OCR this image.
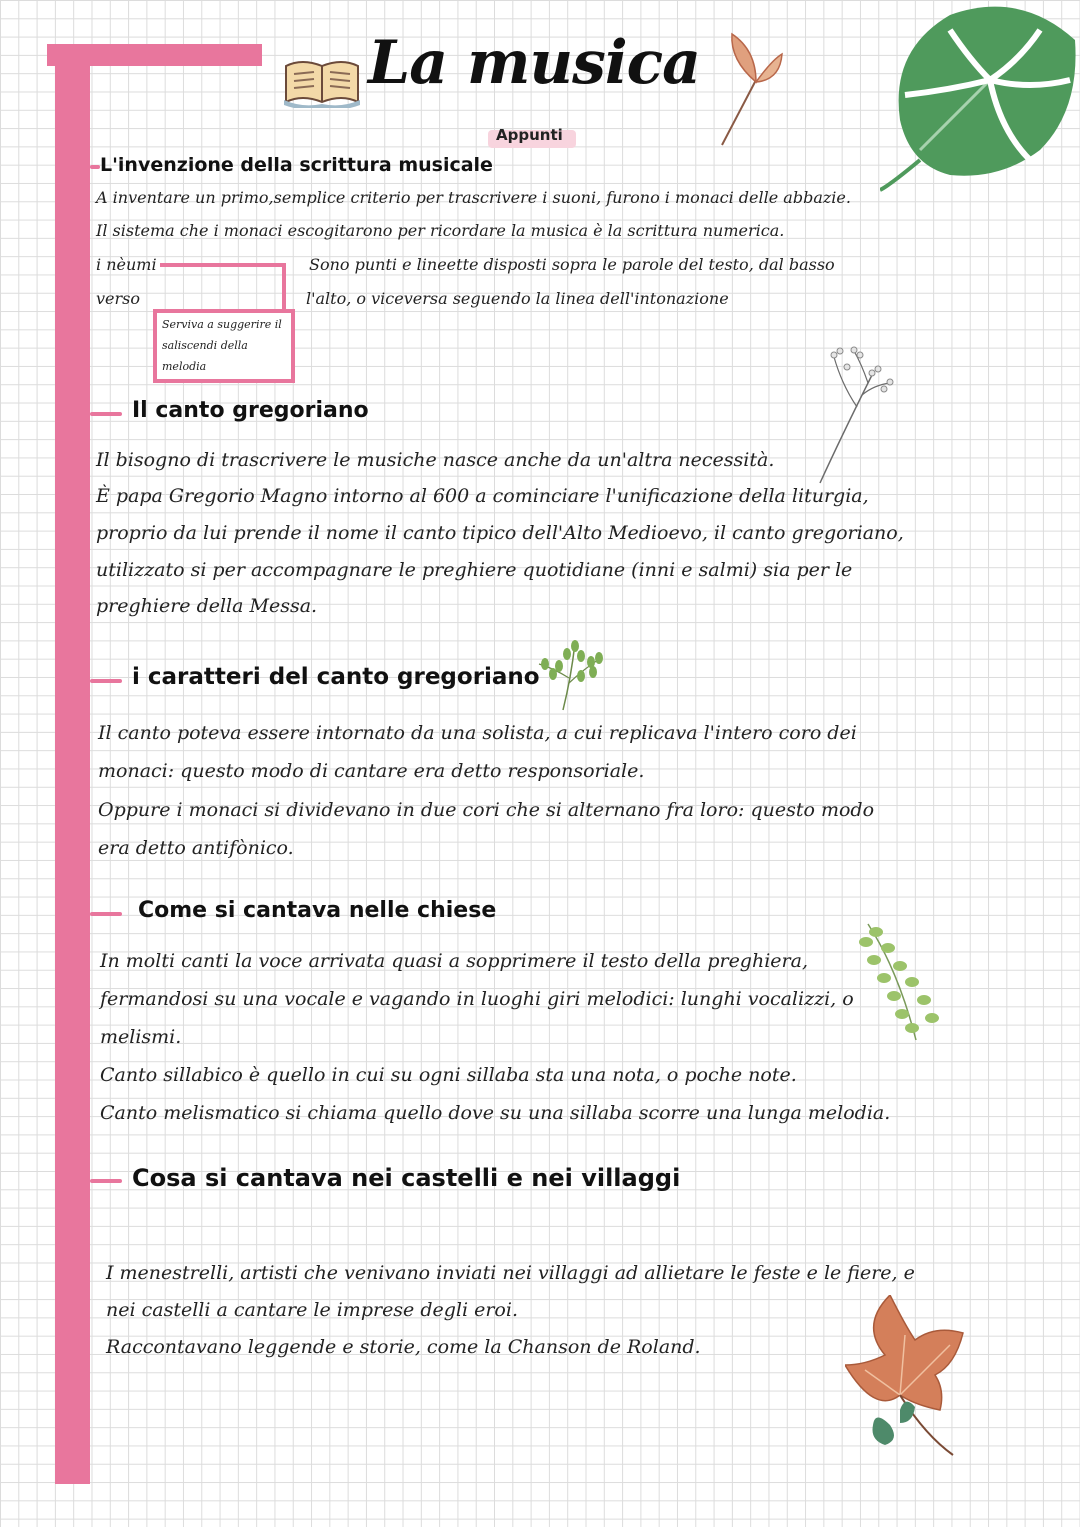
La musica
Appunti
L'invenzione della scrittura musicale
A inventare un primo,semplice criterio per trascrivere i suoni, furono i monaci delle abbazie.
Il sistema che i monaci escogitarono per ricordare la musica è la scrittura numerica.
i nèumi
verso
Sono punti e lineette disposti sopra le parole del testo, dal basso
l'alto, o viceversa seguendo la linea dell'intonazione
Serviva a suggerire il
saliscendi della
melodia
Il canto gregoriano
Il bisogno di trascrivere le musiche nasce anche da un'altra necessità.
È papa Gregorio Magno intorno al 600 a cominciare l'unificazione della liturgia,
proprio da lui prende il nome il canto tipico dell'Alto Medioevo, il canto gregoriano,
utilizzato si per accompagnare le preghiere quotidiane (inni e salmi) sia per le
preghiere della Messa.
i caratteri del canto gregoriano
Il canto poteva essere intornato da una solista, a cui replicava l'intero coro dei
monaci: questo modo di cantare era detto responsoriale.
Oppure i monaci si dividevano in due cori che si alternano fra loro: questo modo
era detto antifònico.
Come si cantava nelle chiese
In molti canti la voce arrivata quasi a sopprimere il testo della preghiera,
fermandosi su una vocale e vagando in luoghi giri melodici: lunghi vocalizzi, o
melismi.
Canto sillabico è quello in cui su ogni sillaba sta una nota, o poche note.
Canto melismatico si chiama quello dove su una sillaba scorre una lunga melodia.
Cosa si cantava nei castelli e nei villaggi
I menestrelli, artisti che venivano inviati nei villaggi ad allietare le feste e le fiere, e
nei castelli a cantare le imprese degli eroi.
Raccontavano leggende e storie, come la Chanson de Roland.
